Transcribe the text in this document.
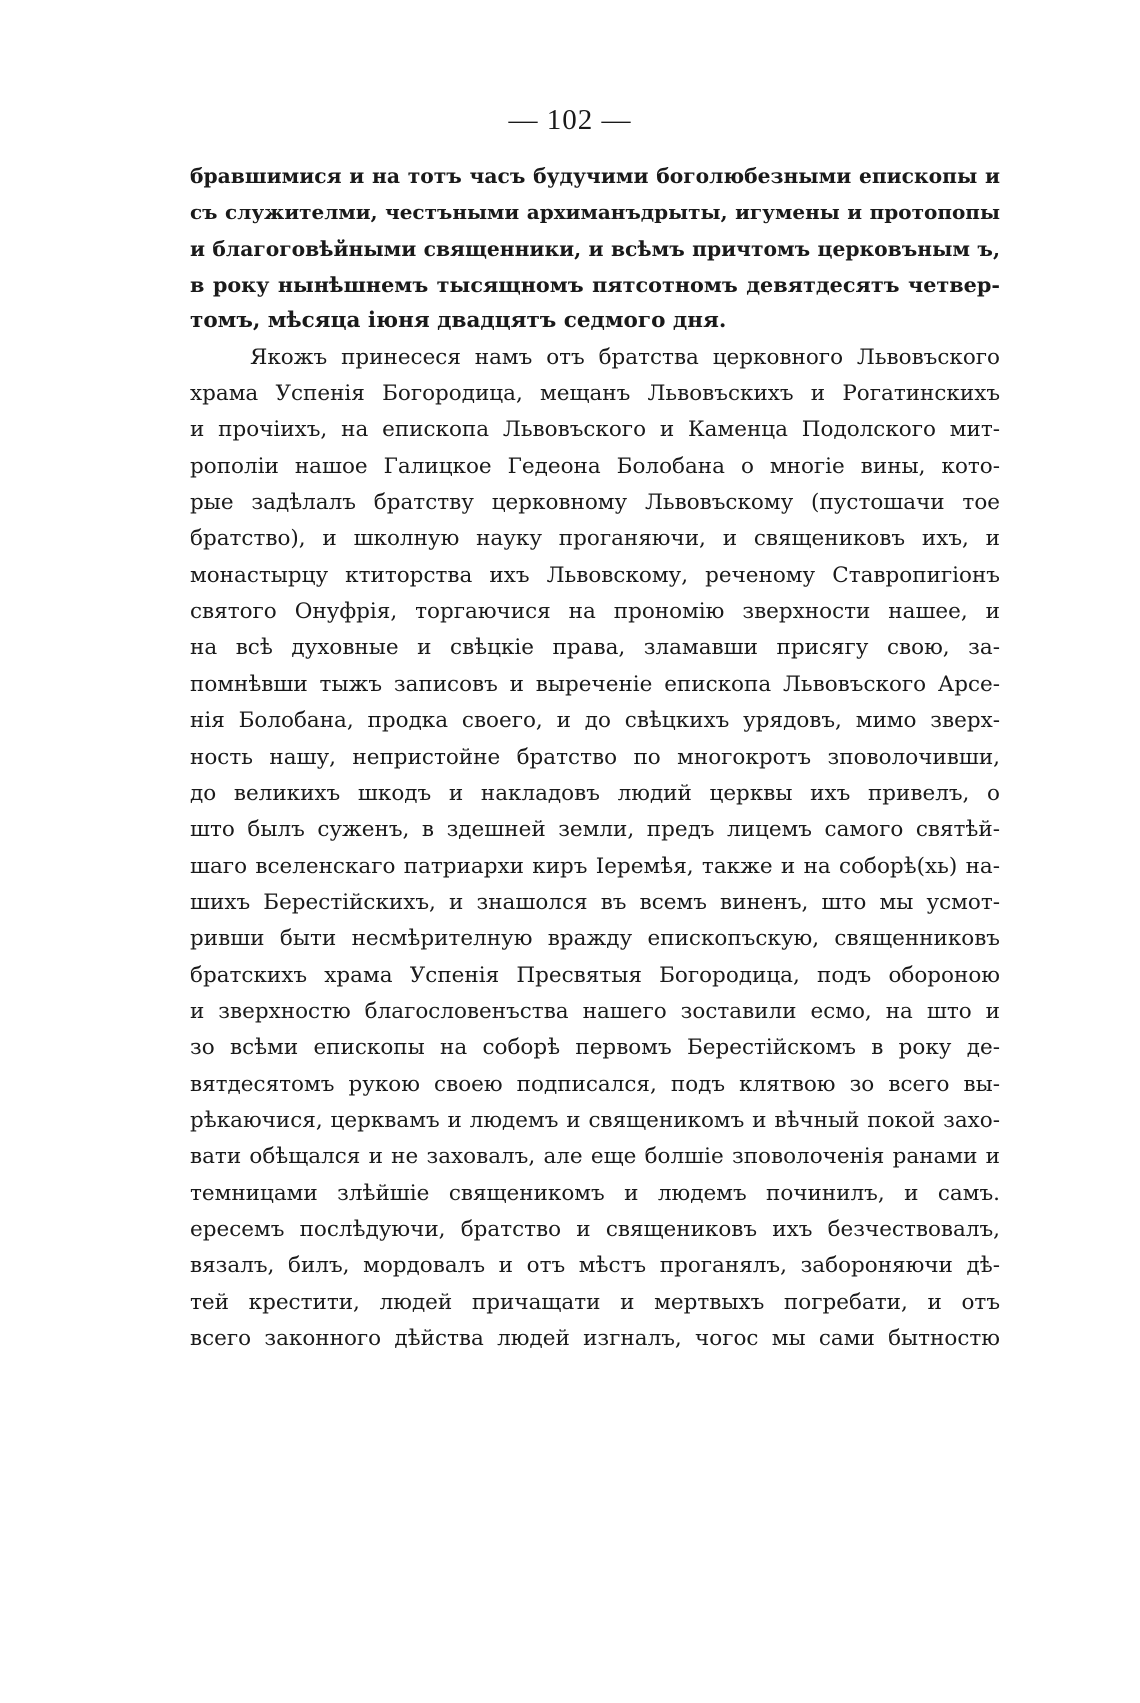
— 102 —
бравшимися и на тотъ часъ будучими боголюбезными епископы и
съ служителми, честъными архиманъдрыты, игумены и протопопы
и благоговѣйными священники, и всѣмъ причтомъ церковъным ъ,
в року нынѣшнемъ тысящномъ пятсотномъ девятдесятъ четвер-
томъ, мѣсяца іюня двадцятъ седмого дня.
Якожъ принесеся намъ отъ братства церковного Львовъского
храма Успенія Богородица, мещанъ Львовъскихъ и Рогатинскихъ
и прочіихъ, на епископа Львовъского и Каменца Подолского мит-
рополіи нашое Галицкое Гедеона Болобана о многіе вины, кото-
рые задѣлалъ братству церковному Львовъскому (пустошачи тое
братство), и школную науку проганяючи, и священиковъ ихъ, и
монастырцу ктиторства ихъ Львовскому, реченому Ставропигіонъ
святого Онуфрія, торгаючися на прономію зверхности нашее, и
на всѣ духовные и свѣцкіе права, зламавши присягу свою, за-
помнѣвши тыжъ записовъ и выреченіе епископа Львовъского Арсе-
нія Болобана, продка своего, и до свѣцкихъ урядовъ, мимо зверх-
ность нашу, непристойне братство по многокротъ зповолочивши,
до великихъ шкодъ и накладовъ людий церквы ихъ привелъ, о
што былъ суженъ, в здешней земли, предъ лицемъ самого святѣй-
шаго вселенскаго патриархи киръ Іеремѣя, также и на соборѣ(хь) на-
шихъ Берестійскихъ, и знашолся въ всемъ виненъ, што мы усмот-
ривши быти несмѣрителную вражду епископъскую, священниковъ
братскихъ храма Успенія Пресвятыя Богородица, подъ обороною
и зверхностю благословенъства нашего зоставили есмо, на што и
зо всѣми епископы на соборѣ первомъ Берестійскомъ в року де-
вятдесятомъ рукою своею подписался, подъ клятвою зо всего вы-
рѣкаючися, церквамъ и людемъ и священикомъ и вѣчный покой захо-
вати обѣщался и не заховалъ, але еще болшіе зповолоченія ранами и
темницами злѣйшіе священикомъ и людемъ починилъ, и самъ.
ересемъ послѣдуючи, братство и священиковъ ихъ безчествовалъ,
вязалъ, билъ, мордовалъ и отъ мѣстъ проганялъ, забороняючи дѣ-
тей крестити, людей причащати и мертвыхъ погребати, и отъ
всего законного дѣйства людей изгналъ, чогос мы сами бытностю
